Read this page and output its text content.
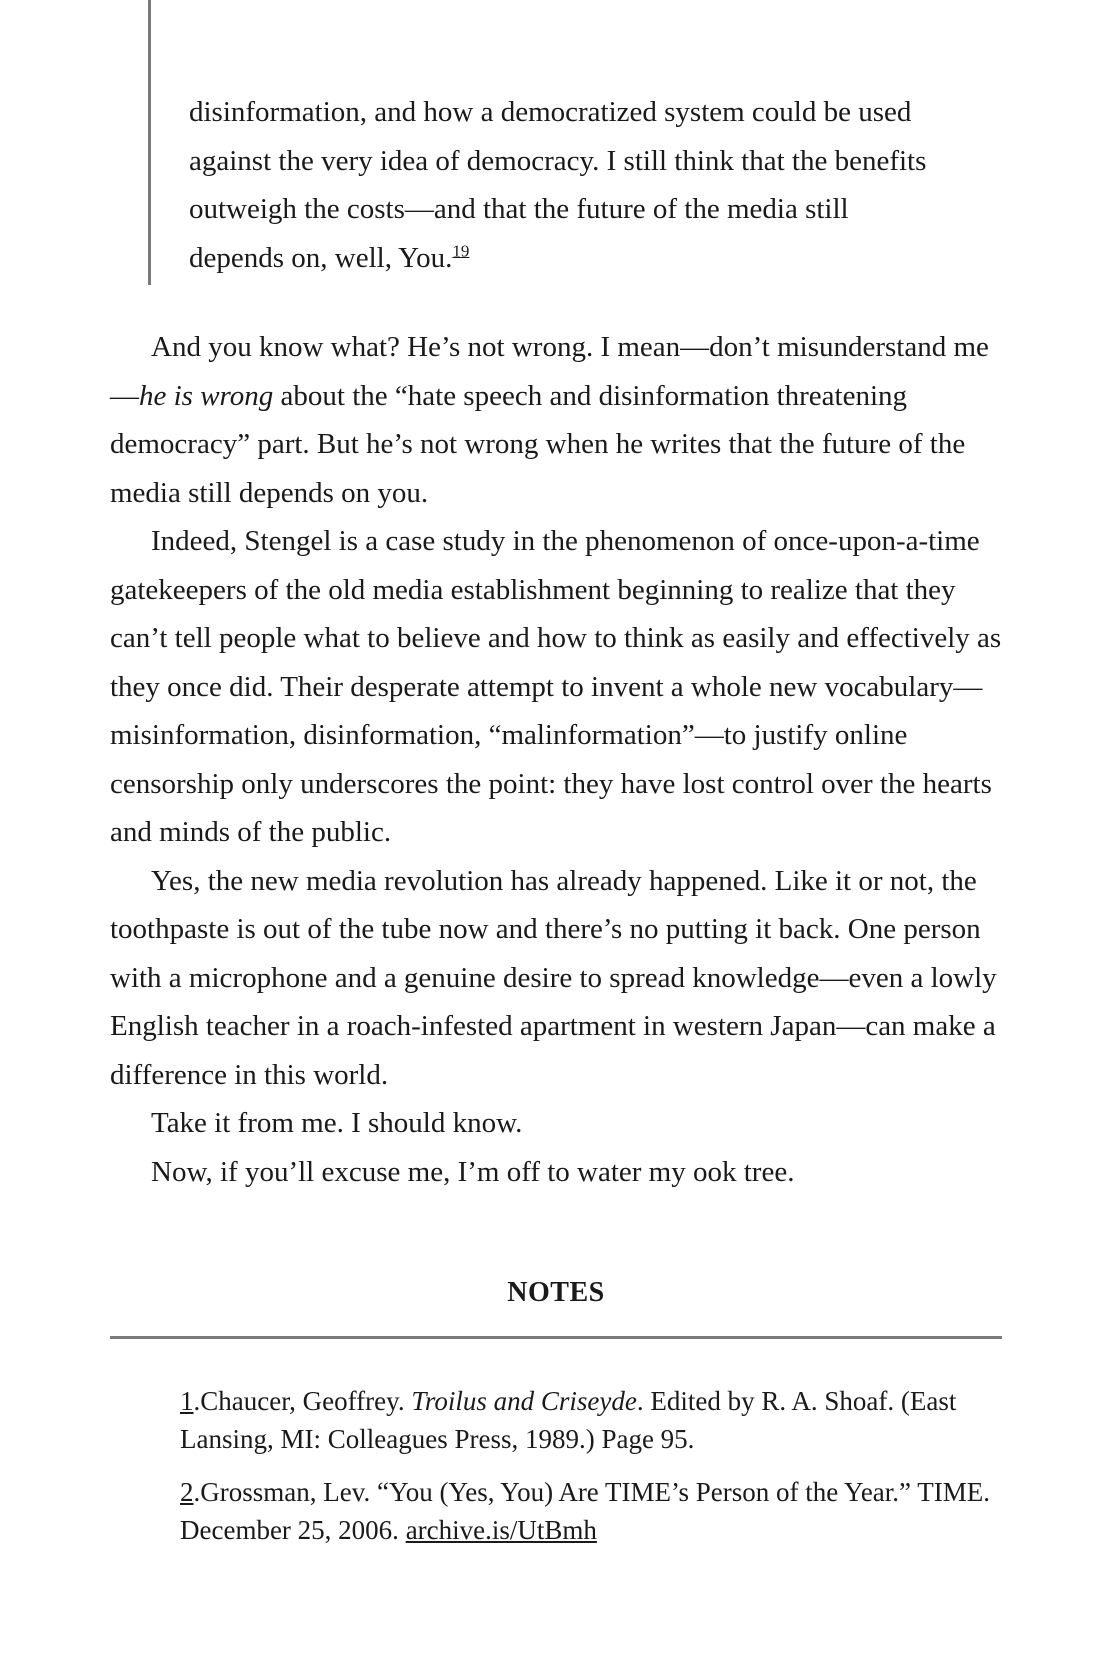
disinformation, and how a democratized system could be used against the very idea of democracy. I still think that the benefits outweigh the costs—and that the future of the media still depends on, well, You.$^{19}$

And you know what? He’s not wrong. I mean—don’t misunderstand me—he is wrong about the “hate speech and disinformation threatening democracy” part. But he’s not wrong when he writes that the future of the media still depends on you.

Indeed, Stengel is a case study in the phenomenon of once-upon-a-time gatekeepers of the old media establishment beginning to realize that they can’t tell people what to believe and how to think as easily and effectively as they once did. Their desperate attempt to invent a whole new vocabulary—misinformation, disinformation, “malinformation”—to justify online censorship only underscores the point: they have lost control over the hearts and minds of the public.

Yes, the new media revolution has already happened. Like it or not, the toothpaste is out of the tube now and there’s no putting it back. One person with a microphone and a genuine desire to spread knowledge—even a lowly English teacher in a roach-infested apartment in western Japan—can make a difference in this world.

Take it from me. I should know.

Now, if you’ll excuse me, I’m off to water my ook tree.

NOTES
1.Chaucer, Geoffrey. Troilus and Criseyde. Edited by R. A. Shoaf. (East Lansing, MI: Colleagues Press, 1989.) Page 95.
2.Grossman, Lev. “You (Yes, You) Are TIME’s Person of the Year.” TIME. December 25, 2006. archive.is/UtBmh
